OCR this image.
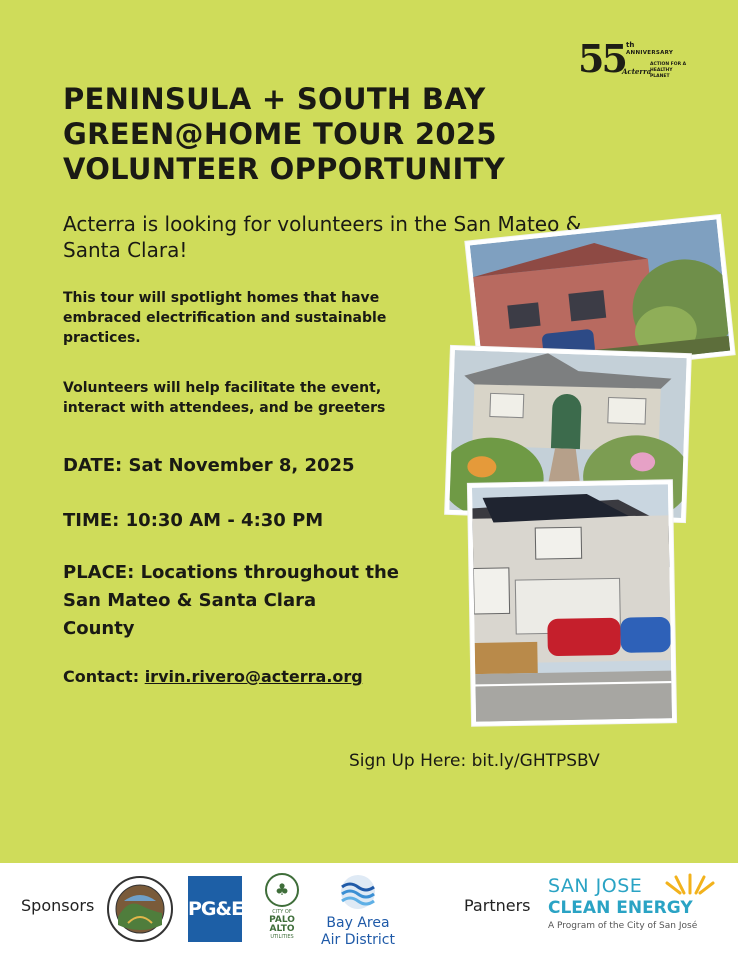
55 th
ANNIVERSARY
Acterra
ACTION FOR A HEALTHY PLANET
PENINSULA + SOUTH BAY
GREEN@HOME TOUR 2025
VOLUNTEER OPPORTUNITY

Acterra is looking for volunteers in the San Mateo & Santa Clara!

This tour will spotlight homes that have embraced electrification and sustainable practices.

Volunteers will help facilitate the event, interact with attendees, and be greeters

DATE: Sat November 8, 2025

TIME: 10:30 AM - 4:30 PM

PLACE: Locations throughout the
San Mateo & Santa Clara
County

Contact: irvin.rivero@acterra.org

Sign Up Here: bit.ly/GHTPSBV

Sponsors	PG&E
♣
CITY OF
PALO
ALTO
UTILITIES
Bay Area
Air District
Partners
SAN JOSE
CLEAN ENERGY
A Program of the City of San José
